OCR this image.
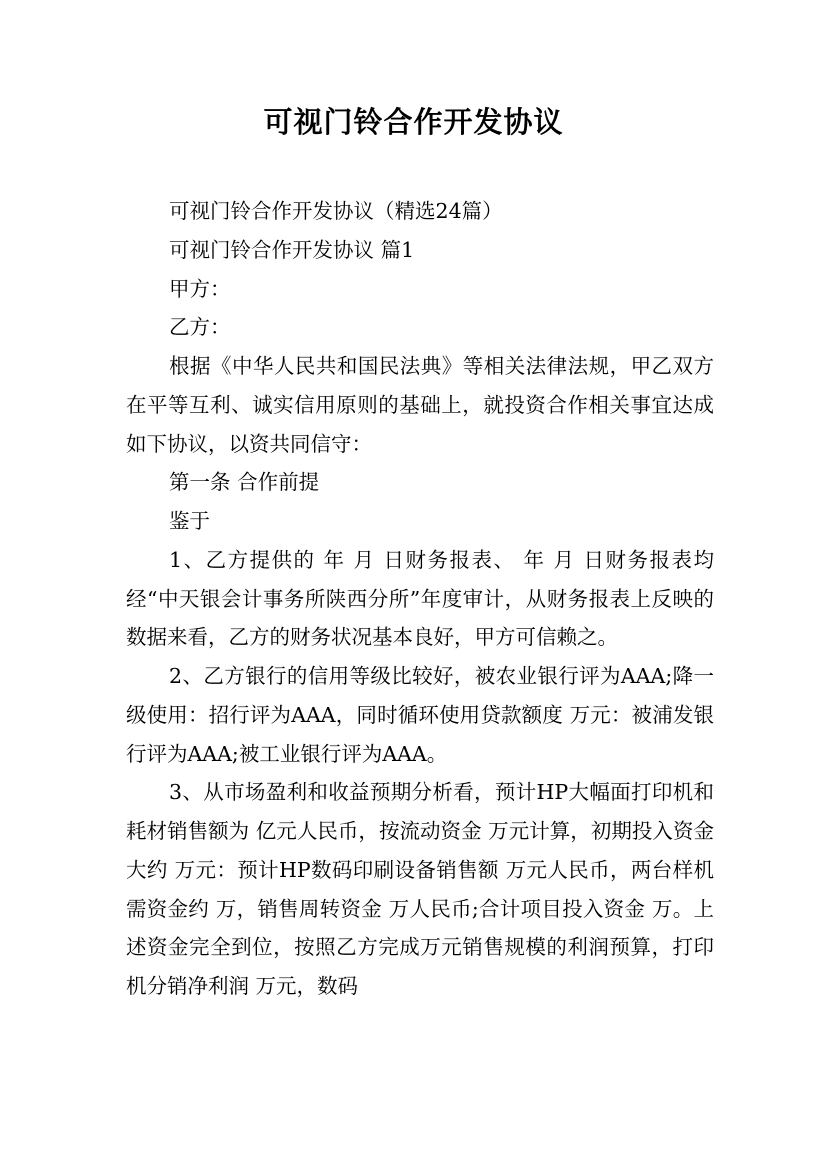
可视门铃合作开发协议

可视门铃合作开发协议（精选24篇）

可视门铃合作开发协议 篇1

甲方：

乙方：

根据《中华人民共和国民法典》等相关法律法规，甲乙双方在平等互利、诚实信用原则的基础上，就投资合作相关事宜达成如下协议，以资共同信守：

第一条 合作前提

鉴于

1、乙方提供的 年 月 日财务报表、 年 月 日财务报表均经“中天银会计事务所陕西分所”年度审计，从财务报表上反映的数据来看，乙方的财务状况基本良好，甲方可信赖之。

2、乙方银行的信用等级比较好，被农业银行评为AAA;降一级使用：招行评为AAA，同时循环使用贷款额度 万元：被浦发银行评为AAA;被工业银行评为AAA。

3、从市场盈利和收益预期分析看，预计HP大幅面打印机和耗材销售额为 亿元人民币，按流动资金 万元计算，初期投入资金大约 万元：预计HP数码印刷设备销售额 万元人民币，两台样机需资金约 万，销售周转资金 万人民币;合计项目投入资金 万。上述资金完全到位，按照乙方完成万元销售规模的利润预算，打印机分销净利润 万元，数码
